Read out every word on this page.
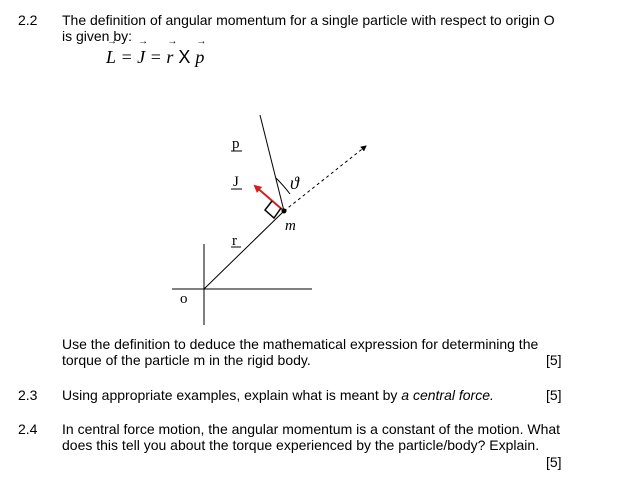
2.2 The definition of angular momentum for a single particle with respect to origin O
is given by:
→ L = → J = → r X → p
p
J
r
ϑ
m
o
Use the definition to deduce the mathematical expression for determining the
torque of the particle m in the rigid body.	[5]
2.3 Using appropriate examples, explain what is meant by a central force.	[5]
2.4 In central force motion, the angular momentum is a constant of the motion. What
does this tell you about the torque experienced by the particle/body? Explain.
[5]
